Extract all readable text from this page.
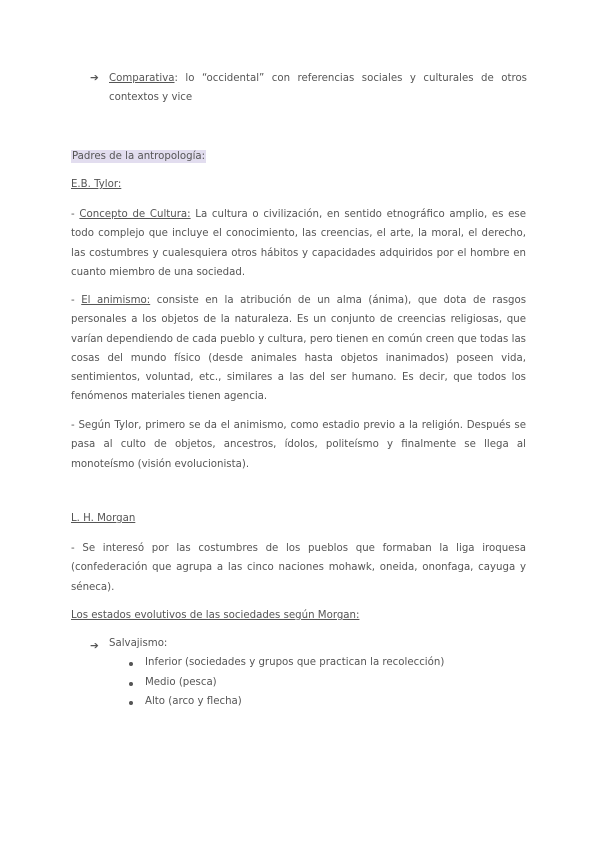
➔ Comparativa: lo “occidental” con referencias sociales y culturales de otros contextos y vice
Padres de la antropología:
E.B. Tylor:
- Concepto de Cultura: La cultura o civilización, en sentido etnográfico amplio, es ese todo complejo que incluye el conocimiento, las creencias, el arte, la moral, el derecho, las costumbres y cualesquiera otros hábitos y capacidades adquiridos por el hombre en cuanto miembro de una sociedad.
- El animismo: consiste en la atribución de un alma (ánima), que dota de rasgos personales a los objetos de la naturaleza. Es un conjunto de creencias religiosas, que varían dependiendo de cada pueblo y cultura, pero tienen en común creen que todas las cosas del mundo físico (desde animales hasta objetos inanimados) poseen vida, sentimientos, voluntad, etc., similares a las del ser humano. Es decir, que todos los fenómenos materiales tienen agencia.
- Según Tylor, primero se da el animismo, como estadio previo a la religión. Después se pasa al culto de objetos, ancestros, ídolos, politeísmo y finalmente se llega al monoteísmo (visión evolucionista).
L. H. Morgan
- Se interesó por las costumbres de los pueblos que formaban la liga iroquesa (confederación que agrupa a las cinco naciones mohawk, oneida, ononfaga, cayuga y séneca).
Los estados evolutivos de las sociedades según Morgan:
➔ Salvajismo:
Inferior (sociedades y grupos que practican la recolección)
Medio (pesca)
Alto (arco y flecha)
